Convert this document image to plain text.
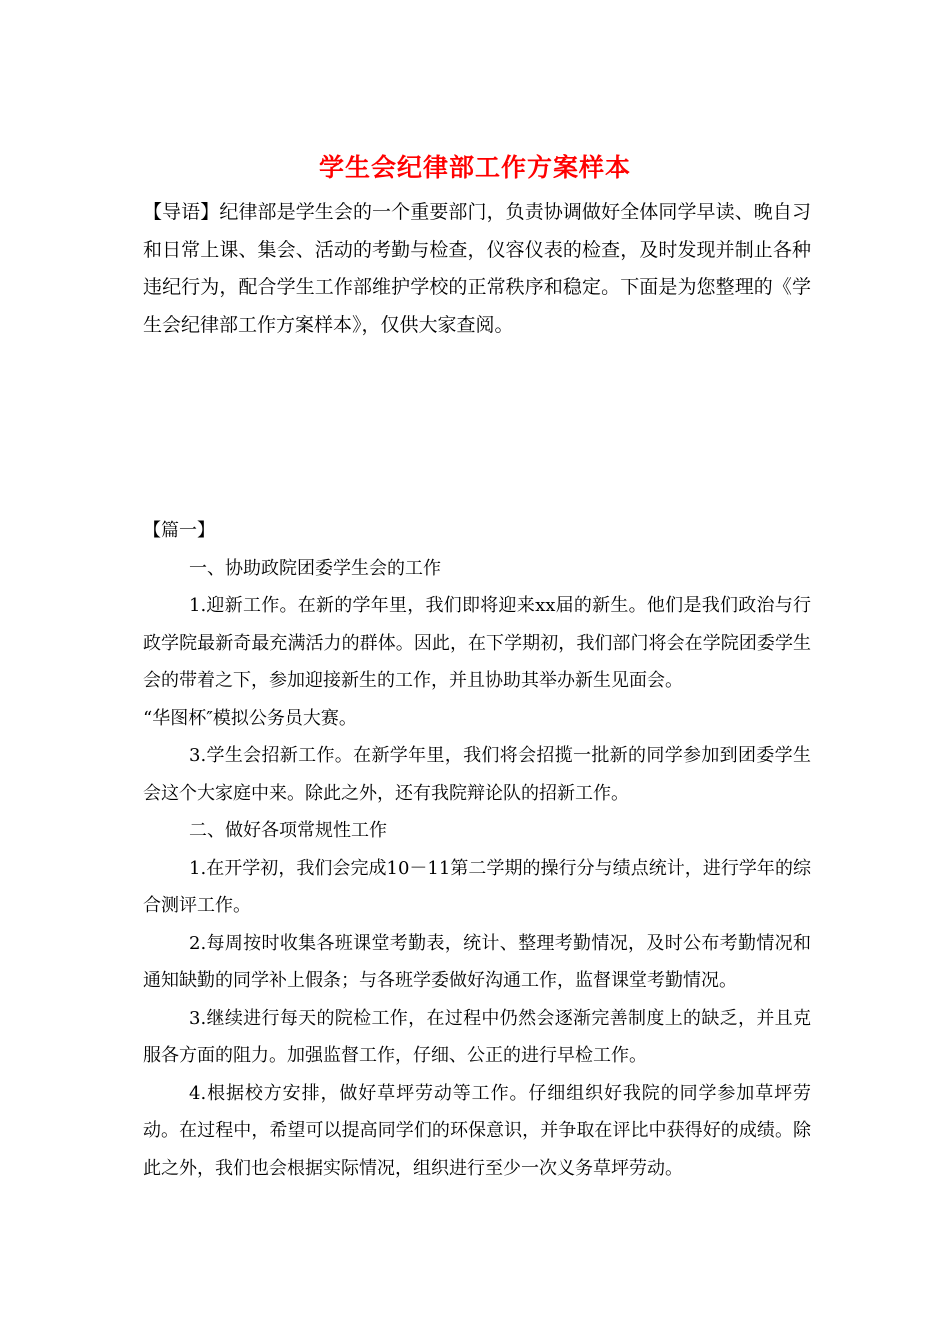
学生会纪律部工作方案样本
【导语】纪律部是学生会的一个重要部门，负责协调做好全体同学早读、晚自习和日常上课、集会、活动的考勤与检查，仪容仪表的检查，及时发现并制止各种违纪行为，配合学生工作部维护学校的正常秩序和稳定。下面是为您整理的《学生会纪律部工作方案样本》，仅供大家查阅。
【篇一】
一、协助政院团委学生会的工作
1.迎新工作。在新的学年里，我们即将迎来xx届的新生。他们是我们政治与行政学院最新奇最充满活力的群体。因此，在下学期初，我们部门将会在学院团委学生会的带着之下，参加迎接新生的工作，并且协助其举办新生见面会。
“华图杯″模拟公务员大赛。
3.学生会招新工作。在新学年里，我们将会招揽一批新的同学参加到团委学生会这个大家庭中来。除此之外，还有我院辩论队的招新工作。
二、做好各项常规性工作
1.在开学初，我们会完成10－11第二学期的操行分与绩点统计，进行学年的综合测评工作。
2.每周按时收集各班课堂考勤表，统计、整理考勤情况，及时公布考勤情况和通知缺勤的同学补上假条；与各班学委做好沟通工作，监督课堂考勤情况。
3.继续进行每天的院检工作，在过程中仍然会逐渐完善制度上的缺乏，并且克服各方面的阻力。加强监督工作，仔细、公正的进行早检工作。
4.根据校方安排，做好草坪劳动等工作。仔细组织好我院的同学参加草坪劳动。在过程中，希望可以提高同学们的环保意识，并争取在评比中获得好的成绩。除此之外，我们也会根据实际情况，组织进行至少一次义务草坪劳动。
